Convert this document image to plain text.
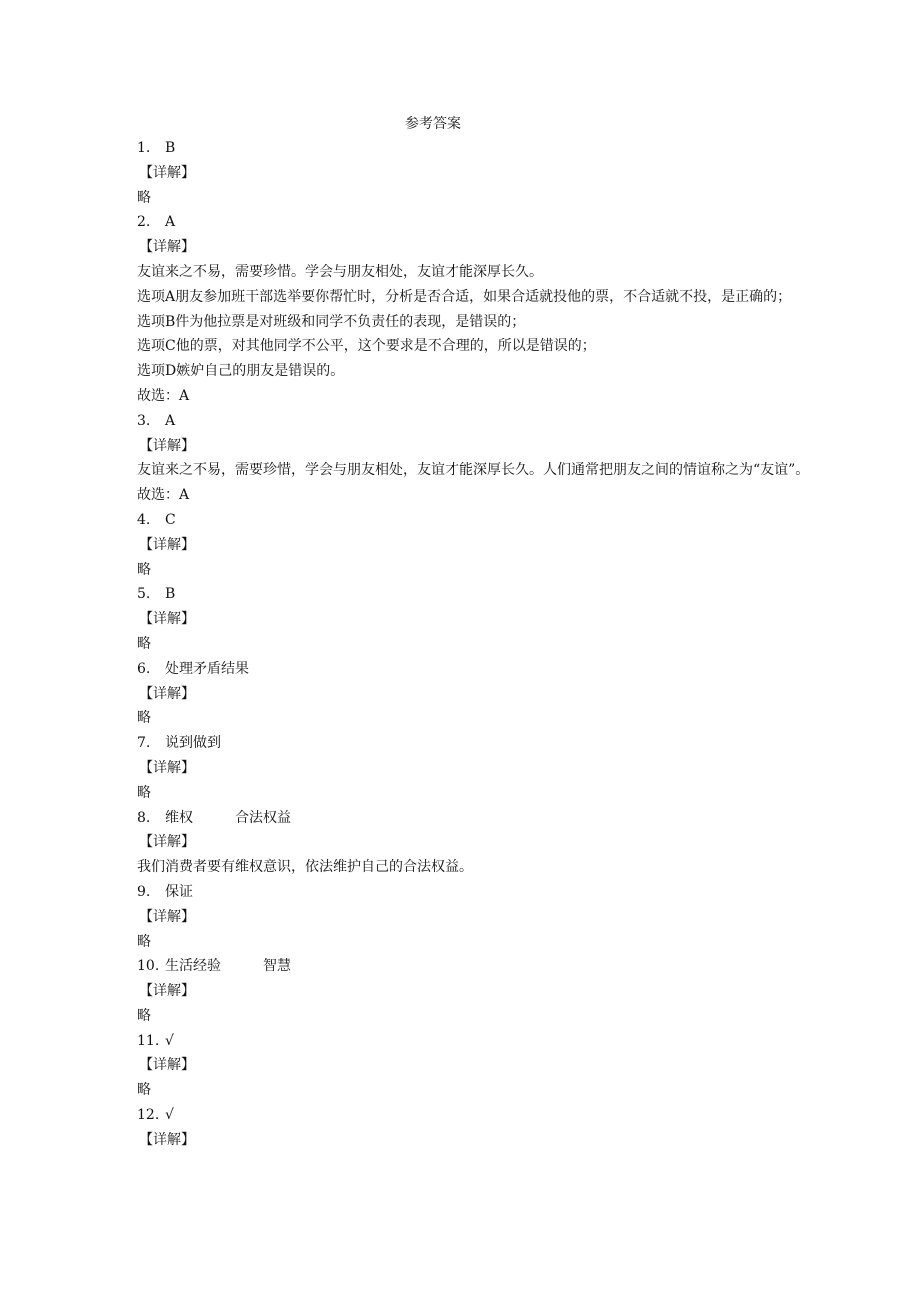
参考答案
1. B
【详解】
略
2. A
【详解】
友谊来之不易，需要珍惜。学会与朋友相处，友谊才能深厚长久。
选项A朋友参加班干部选举要你帮忙时，分析是否合适，如果合适就投他的票，不合适就不投，是正确的；
选项B件为他拉票是对班级和同学不负责任的表现，是错误的；
选项C他的票，对其他同学不公平，这个要求是不合理的，所以是错误的；
选项D嫉妒自己的朋友是错误的。
故选：A
3. A
【详解】
友谊来之不易，需要珍惜，学会与朋友相处，友谊才能深厚长久。人们通常把朋友之间的情谊称之为“友谊”。
故选：A
4. C
【详解】
略
5. B
【详解】
略
6. 处理矛盾结果
【详解】
略
7. 说到做到
【详解】
略
8. 维权	合法权益
【详解】
我们消费者要有维权意识，依法维护自己的合法权益。
9. 保证
【详解】
略
10. 生活经验	智慧
【详解】
略
11. √
【详解】
略
12. √
【详解】
